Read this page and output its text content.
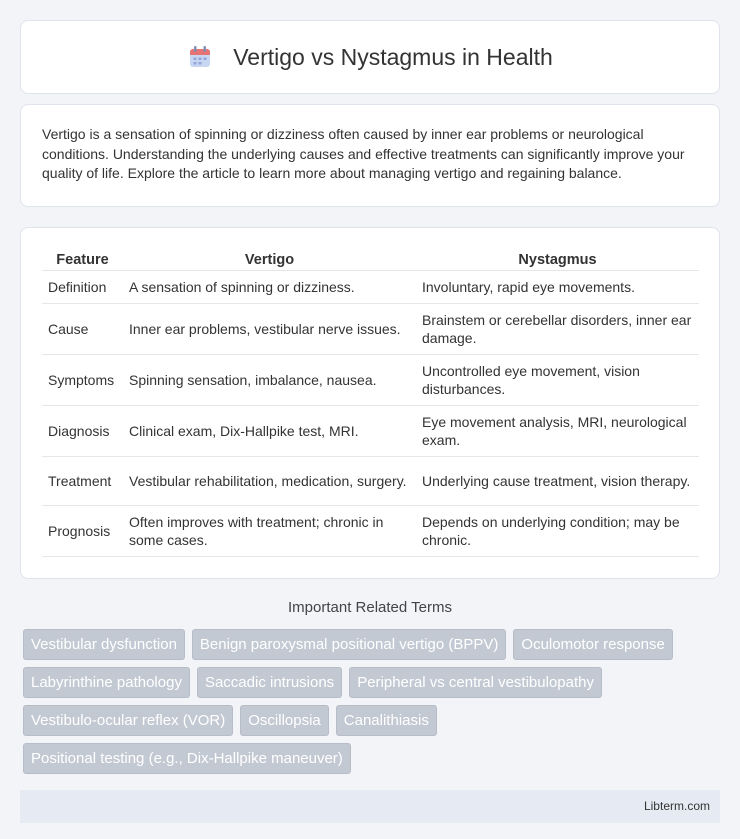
Vertigo vs Nystagmus in Health

Vertigo is a sensation of spinning or dizziness often caused by inner ear problems or neurological conditions. Understanding the underlying causes and effective treatments can significantly improve your quality of life. Explore the article to learn more about managing vertigo and regaining balance.

Feature	Vertigo	Nystagmus
Definition	A sensation of spinning or dizziness.	Involuntary, rapid eye movements.
Cause	Inner ear problems, vestibular nerve issues.	Brainstem or cerebellar disorders, inner ear damage.
Symptoms	Spinning sensation, imbalance, nausea.	Uncontrolled eye movement, vision disturbances.
Diagnosis	Clinical exam, Dix-Hallpike test, MRI.	Eye movement analysis, MRI, neurological exam.
Treatment	Vestibular rehabilitation, medication, surgery.	Underlying cause treatment, vision therapy.
Prognosis	Often improves with treatment; chronic in some cases.	Depends on underlying condition; may be chronic.
Important Related Terms
Vestibular dysfunction	Benign paroxysmal positional vertigo (BPPV)	Oculomotor response
Labyrinthine pathology	Saccadic intrusions	Peripheral vs central vestibulopathy
Vestibulo-ocular reflex (VOR)	Oscillopsia	Canalithiasis
Positional testing (e.g., Dix-Hallpike maneuver)
Libterm.com
